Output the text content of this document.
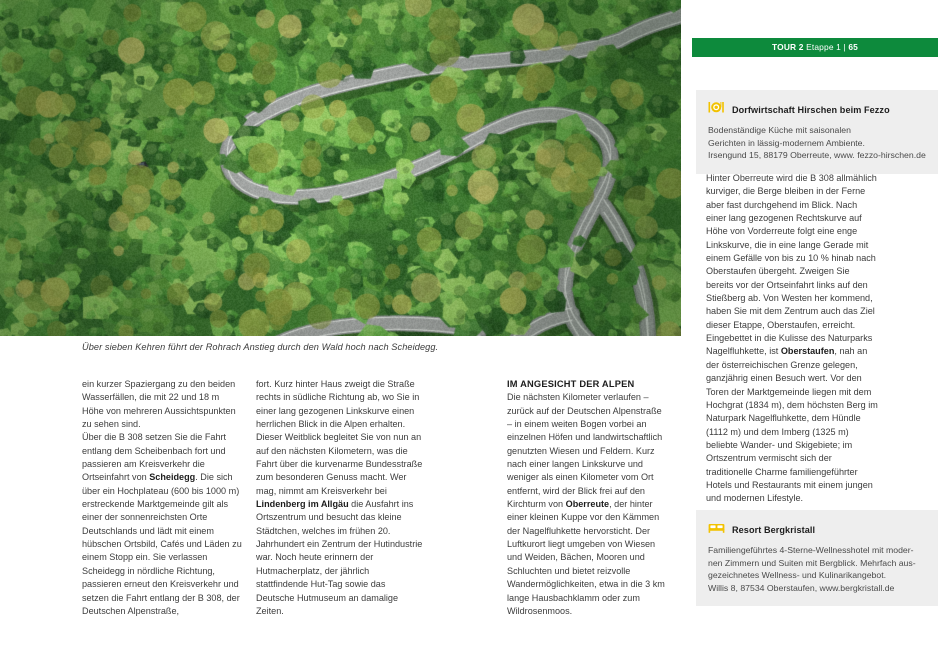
Über sieben Kehren führt der Rohrach Anstieg durch den Wald hoch nach Scheidegg.

ein kurzer Spaziergang zu den beiden Wasserfällen, die mit 22 und 18 m Höhe von mehreren Aussichtspunkten zu sehen sind.

Über die B 308 setzen Sie die Fahrt entlang dem Scheibenbach fort und passieren am Kreisverkehr die Ortseinfahrt von Scheidegg. Die sich über ein Hochplateau (600 bis 1000 m) erstreckende Marktgemeinde gilt als einer der sonnenreichsten Orte Deutschlands und lädt mit einem hübschen Ortsbild, Cafés und Läden zu einem Stopp ein. Sie verlassen Scheidegg in nördliche Richtung, passieren erneut den Kreisverkehr und setzen die Fahrt entlang der B 308, der Deutschen Alpenstraße,

fort. Kurz hinter Haus zweigt die Straße rechts in südliche Richtung ab, wo Sie in einer lang gezogenen Linkskurve einen herrlichen Blick in die Alpen erhalten. Dieser Weitblick begleitet Sie von nun an auf den nächsten Kilometern, was die Fahrt über die kurvenarme Bundesstraße zum besonderen Genuss macht. Wer mag, nimmt am Kreisverkehr bei Lindenberg im Allgäu die Ausfahrt ins Ortszentrum und besucht das kleine Städtchen, welches im frühen 20. Jahrhundert ein Zentrum der Hutindustrie war. Noch heute erinnern der Hutmacherplatz, der jährlich stattfindende Hut-Tag sowie das Deutsche Hutmuseum an damalige Zeiten.

IM ANGESICHT DER ALPEN

Die nächsten Kilometer verlaufen – zurück auf der Deutschen Alpenstraße – in einem weiten Bogen vorbei an einzelnen Höfen und landwirtschaftlich genutzten Wiesen und Feldern. Kurz nach einer langen Linkskurve und weniger als einen Kilometer vom Ort entfernt, wird der Blick frei auf den Kirchturm von Oberreute, der hinter einer kleinen Kuppe vor den Kämmen der Nagelfluhkette hervorsticht. Der Luftkurort liegt umgeben von Wiesen und Weiden, Bächen, Mooren und Schluchten und bietet reizvolle Wandermöglichkeiten, etwa in die 3 km lange Hausbachklamm oder zum Wildrosenmoos.

TOUR 2 Etappe 1 | 65
Dorfwirtschaft Hirschen beim Fezzo
Bodenständige Küche mit saisonalen
Gerichten in lässig-modernem Ambiente.
Irsengund 15, 88179 Oberreute, www. fezzo-hirschen.de

Hinter Oberreute wird die B 308 allmählich kurviger, die Berge bleiben in der Ferne aber fast durchgehend im Blick. Nach einer lang gezogenen Rechtskurve auf Höhe von Vorderreute folgt eine enge Linkskurve, die in eine lange Gerade mit einem Gefälle von bis zu 10 % hinab nach Oberstaufen übergeht. Zweigen Sie bereits vor der Ortseinfahrt links auf den Stießberg ab. Von Westen her kommend, haben Sie mit dem Zentrum auch das Ziel dieser Etappe, Oberstaufen, erreicht.

Eingebettet in die Kulisse des Naturparks Nagelfluhkette, ist Oberstaufen, nah an der österreichischen Grenze gelegen, ganzjährig einen Besuch wert. Vor den Toren der Marktgemeinde liegen mit dem Hochgrat (1834 m), dem höchsten Berg im Naturpark Nagelfluhkette, dem Hündle (1112 m) und dem Imberg (1325 m) beliebte Wander- und Skigebiete; im Ortszentrum vermischt sich der traditionelle Charme familiengeführter Hotels und Restaurants mit einem jungen und modernen Lifestyle.

Resort Bergkristall
Familiengeführtes 4-Sterne-Wellnesshotel mit moder-
nen Zimmern und Suiten mit Bergblick. Mehrfach aus-
gezeichnetes Wellness- und Kulinarikangebot.
Willis 8, 87534 Oberstaufen, www.bergkristall.de
